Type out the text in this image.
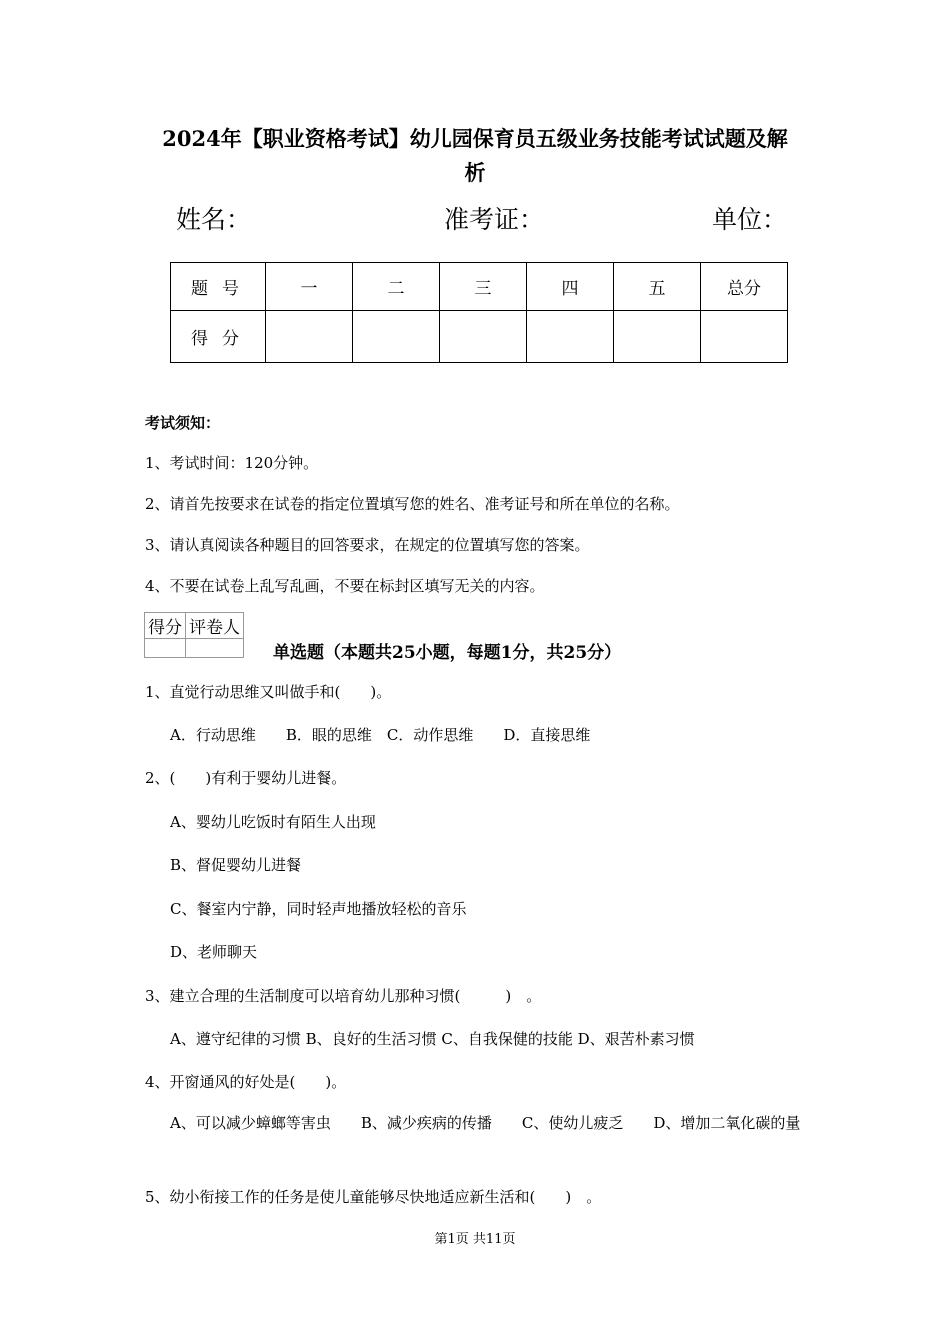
2024年【职业资格考试】幼儿园保育员五级业务技能考试试题及解
析
姓名：	准考证：	单位：
题号	一	二	三	四	五	总分
得分						
考试须知：
1、考试时间：120分钟。
2、请首先按要求在试卷的指定位置填写您的姓名、准考证号和所在单位的名称。
3、请认真阅读各种题目的回答要求，在规定的位置填写您的答案。
4、不要在试卷上乱写乱画，不要在标封区填写无关的内容。
得分	评卷人

单选题（本题共25小题，每题1分，共25分）
1、直觉行动思维又叫做手和(　　)。
A．行动思维　　B．眼的思维　C．动作思维　　D．直接思维
2、(　　)有利于婴幼儿进餐。
A、婴幼儿吃饭时有陌生人出现
B、督促婴幼儿进餐
C、餐室内宁静，同时轻声地播放轻松的音乐
D、老师聊天
3、建立合理的生活制度可以培育幼儿那种习惯(　　　)　。
A、遵守纪律的习惯 B、良好的生活习惯 C、自我保健的技能 D、艰苦朴素习惯
4、开窗通风的好处是(　　)。
A、可以减少蟑螂等害虫　　B、减少疾病的传播　　C、使幼儿疲乏　　D、增加二氧化碳的量
5、幼小衔接工作的任务是使儿童能够尽快地适应新生活和(　　)　。
第1页 共11页
